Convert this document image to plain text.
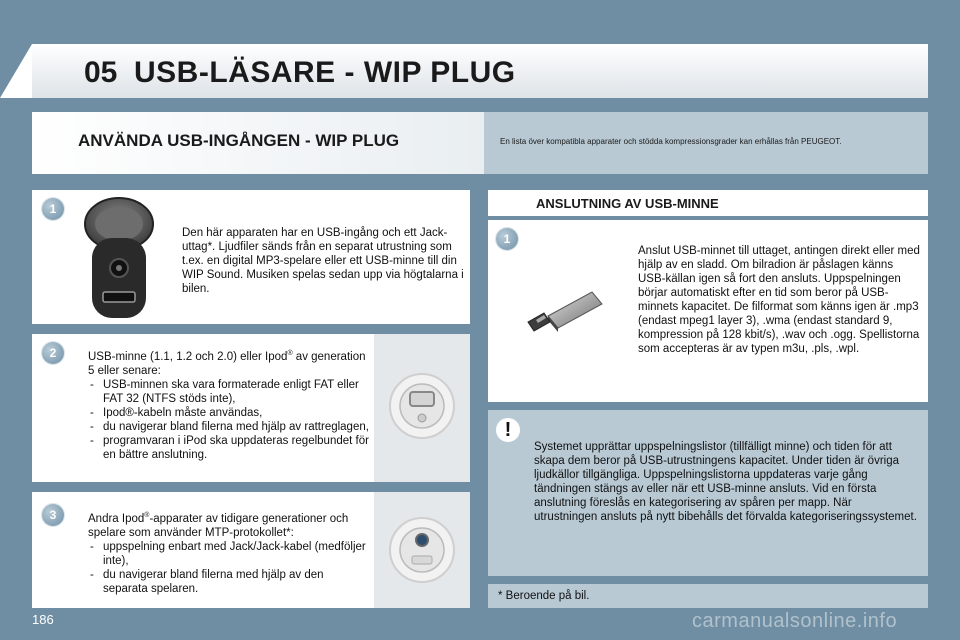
05 USB-LÄSARE - WIP PLUG
ANVÄNDA USB-INGÅNGEN - WIP PLUG	En lista över kompatibla apparater och stödda kompressionsgrader kan erhållas från PEUGEOT.
1
Den här apparaten har en USB-ingång och ett Jack-uttag*. Ljudfiler sänds från en separat utrustning som t.ex. en digital MP3-spelare eller ett USB-minne till din WIP Sound. Musiken spelas sedan upp via högtalarna i bilen.
2	USB-minne (1.1, 1.2 och 2.0) eller Ipod® av generation 5 eller senare:

- USB-minnen ska vara formaterade enligt FAT eller FAT 32 (NTFS stöds inte),
- Ipod®-kabeln måste användas,
- du navigerar bland filerna med hjälp av rattreglagen,
- programvaran i iPod ska uppdateras regelbundet för en bättre anslutning.
3	Andra Ipod®-apparater av tidigare generationer och spelare som använder MTP-protokollet*:

- uppspelning enbart med Jack/Jack-kabel (medföljer inte),
- du navigerar bland filerna med hjälp av den separata spelaren.
ANSLUTNING AV USB-MINNE
1
Anslut USB-minnet till uttaget, antingen direkt eller med hjälp av en sladd. Om bilradion är påslagen känns USB-källan igen så fort den ansluts. Uppspelningen börjar automatiskt efter en tid som beror på USB-minnets kapacitet. De filformat som känns igen är .mp3 (endast mpeg1 layer 3), .wma (endast standard 9, kompression på 128 kbit/s), .wav och .ogg. Spellistorna som accepteras är av typen m3u, .pls, .wpl.
!
Systemet upprättar uppspelningslistor (tillfälligt minne) och tiden för att skapa dem beror på USB-utrustningens kapacitet. Under tiden är övriga ljudkällor tillgängliga. Uppspelningslistorna uppdateras varje gång tändningen stängs av eller när ett USB-minne ansluts. Vid en första anslutning föreslås en kategorisering av spåren per mapp. När utrustningen ansluts på nytt bibehålls det förvalda kategoriseringssystemet.
* Beroende på bil.
186	carmanualsonline.info
